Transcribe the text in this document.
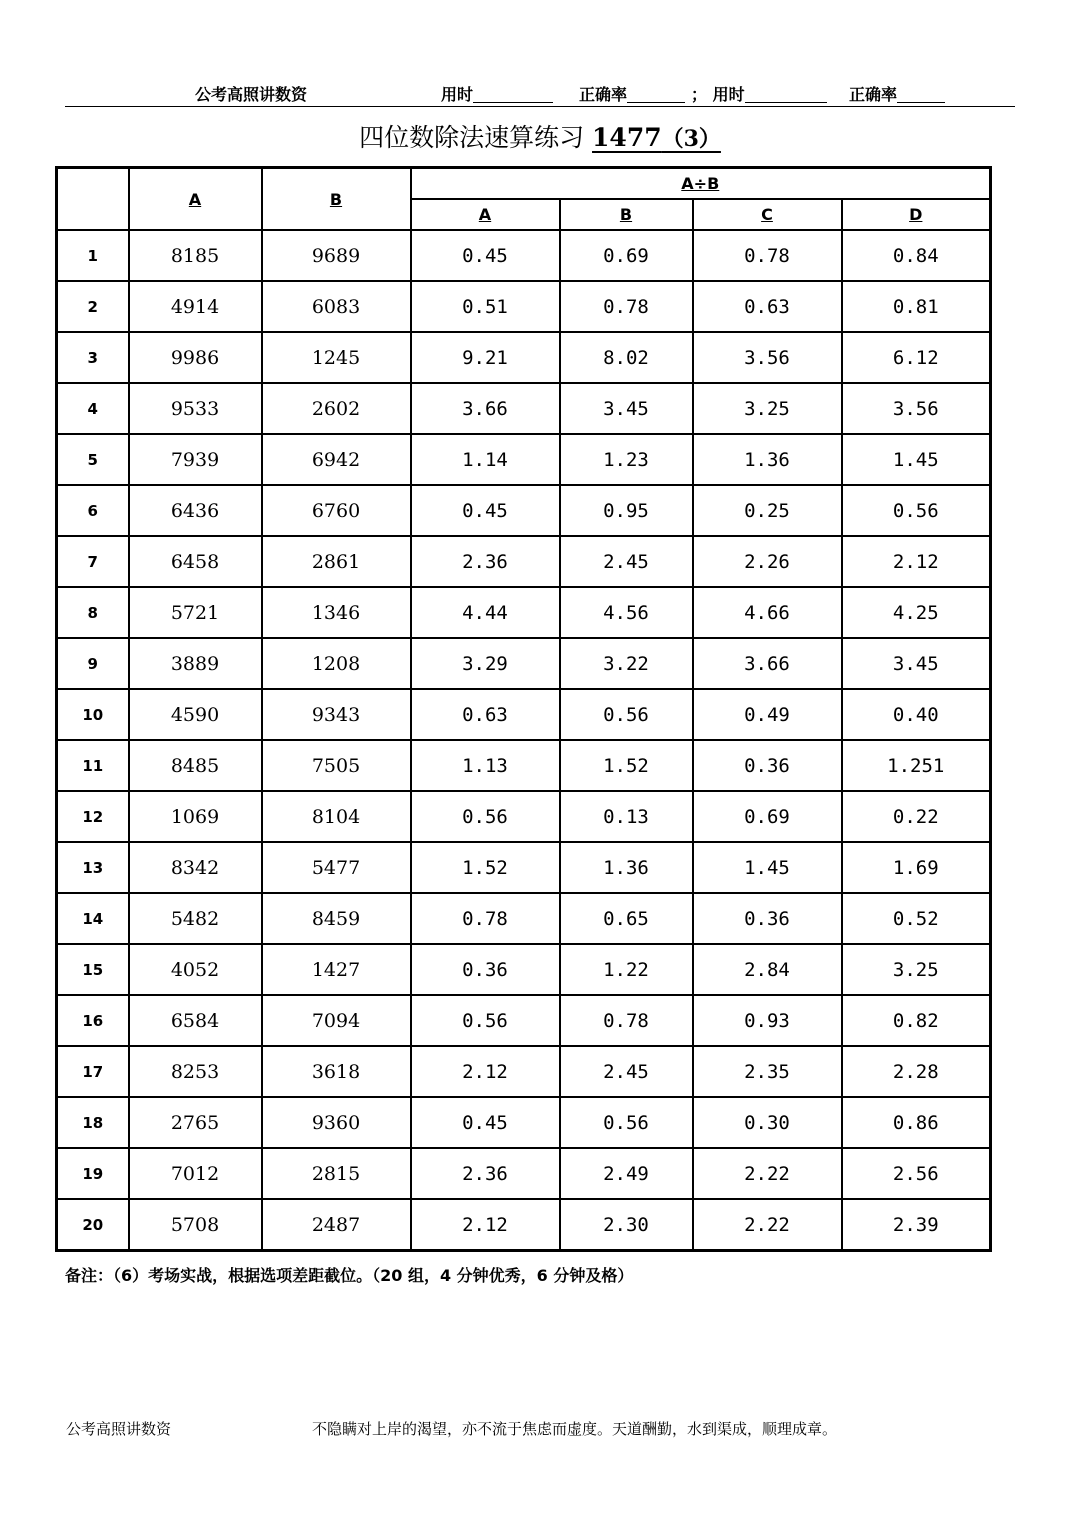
公考高照讲数资	用时	正确率	； 用时	正确率
四位数除法速算练习 1477（3）
	A	B	A÷B			
			A	B	C	D
1	8185	9689	0.45	0.69	0.78	0.84
2	4914	6083	0.51	0.78	0.63	0.81
3	9986	1245	9.21	8.02	3.56	6.12
4	9533	2602	3.66	3.45	3.25	3.56
5	7939	6942	1.14	1.23	1.36	1.45
6	6436	6760	0.45	0.95	0.25	0.56
7	6458	2861	2.36	2.45	2.26	2.12
8	5721	1346	4.44	4.56	4.66	4.25
9	3889	1208	3.29	3.22	3.66	3.45
10	4590	9343	0.63	0.56	0.49	0.40
11	8485	7505	1.13	1.52	0.36	1.251
12	1069	8104	0.56	0.13	0.69	0.22
13	8342	5477	1.52	1.36	1.45	1.69
14	5482	8459	0.78	0.65	0.36	0.52
15	4052	1427	0.36	1.22	2.84	3.25
16	6584	7094	0.56	0.78	0.93	0.82
17	8253	3618	2.12	2.45	2.35	2.28
18	2765	9360	0.45	0.56	0.30	0.86
19	7012	2815	2.36	2.49	2.22	2.56
20	5708	2487	2.12	2.30	2.22	2.39
备注：（6）考场实战，根据选项差距截位。（20 组，4 分钟优秀，6 分钟及格）
公考高照讲数资	不隐瞒对上岸的渴望，亦不流于焦虑而虚度。天道酬勤，水到渠成，顺理成章。
